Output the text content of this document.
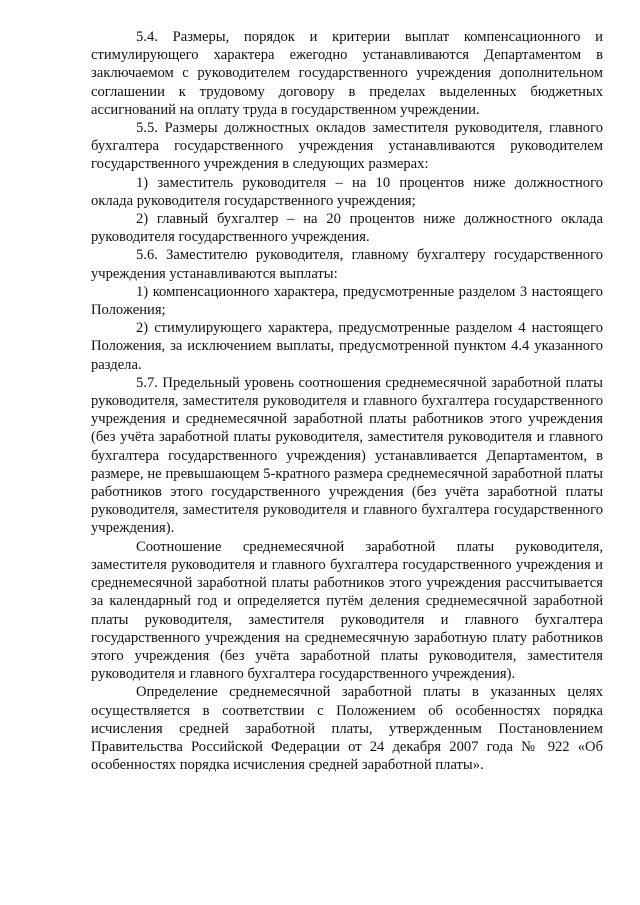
5.4. Размеры, порядок и критерии выплат компенсационного и стимулирующего характера ежегодно устанавливаются Департаментом в заключаемом с руководителем государственного учреждения дополнительном соглашении к трудовому договору в пределах выделенных бюджетных ассигнований на оплату труда в государственном учреждении.

5.5. Размеры должностных окладов заместителя руководителя, главного бухгалтера государственного учреждения устанавливаются руководителем государственного учреждения в следующих размерах:

1) заместитель руководителя – на 10 процентов ниже должностного оклада руководителя государственного учреждения;

2) главный бухгалтер – на 20 процентов ниже должностного оклада руководителя государственного учреждения.

5.6. Заместителю руководителя, главному бухгалтеру государственного учреждения устанавливаются выплаты:

1) компенсационного характера, предусмотренные разделом 3 настоящего Положения;

2) стимулирующего характера, предусмотренные разделом 4 настоящего Положения, за исключением выплаты, предусмотренной пунктом 4.4 указанного раздела.

5.7. Предельный уровень соотношения среднемесячной заработной платы руководителя, заместителя руководителя и главного бухгалтера государственного учреждения и среднемесячной заработной платы работников этого учреждения (без учёта заработной платы руководителя, заместителя руководителя и главного бухгалтера государственного учреждения) устанавливается Департаментом, в размере, не превышающем 5-кратного размера среднемесячной заработной платы работников этого государственного учреждения (без учёта заработной платы руководителя, заместителя руководителя и главного бухгалтера государственного учреждения).

Соотношение среднемесячной заработной платы руководителя, заместителя руководителя и главного бухгалтера государственного учреждения и среднемесячной заработной платы работников этого учреждения рассчитывается за календарный год и определяется путём деления среднемесячной заработной платы руководителя, заместителя руководителя и главного бухгалтера государственного учреждения на среднемесячную заработную плату работников этого учреждения (без учёта заработной платы руководителя, заместителя руководителя и главного бухгалтера государственного учреждения).

Определение среднемесячной заработной платы в указанных целях осуществляется в соответствии с Положением об особенностях порядка исчисления средней заработной платы, утвержденным Постановлением Правительства Российской Федерации от 24 декабря 2007 года № 922 «Об особенностях порядка исчисления средней заработной платы».
